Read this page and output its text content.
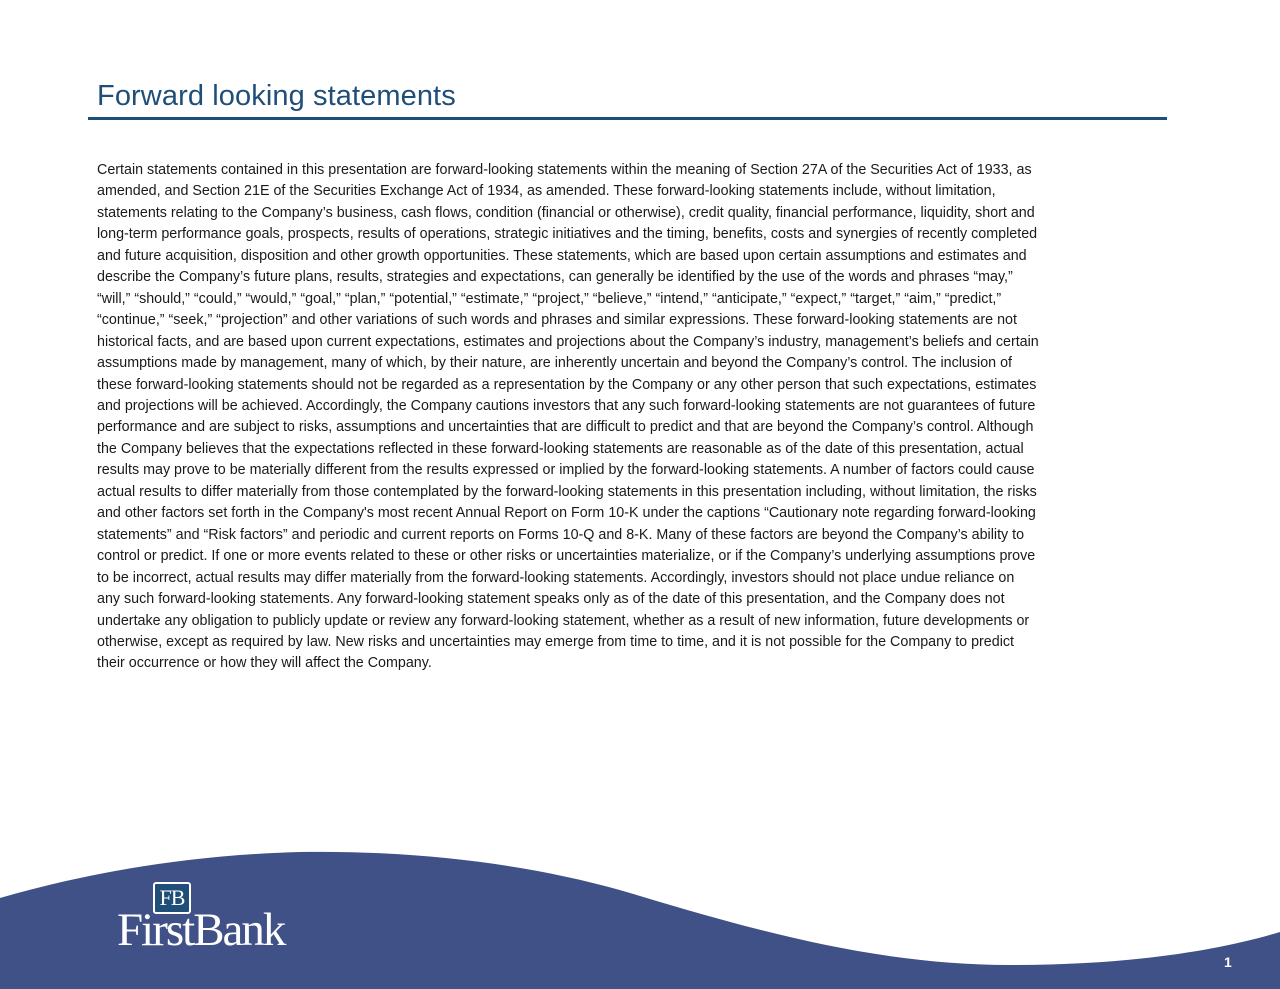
Forward looking statements
Certain statements contained in this presentation are forward-looking statements within the meaning of Section 27A of the Securities Act of 1933, as
amended, and Section 21E of the Securities Exchange Act of 1934, as amended. These forward-looking statements include, without limitation,
statements relating to the Company’s business, cash flows, condition (financial or otherwise), credit quality, financial performance, liquidity, short and
long-term performance goals, prospects, results of operations, strategic initiatives and the timing, benefits, costs and synergies of recently completed
and future acquisition, disposition and other growth opportunities. These statements, which are based upon certain assumptions and estimates and
describe the Company’s future plans, results, strategies and expectations, can generally be identified by the use of the words and phrases “may,”
“will,” “should,” “could,” “would,” “goal,” “plan,” “potential,” “estimate,” “project,” “believe,” “intend,” “anticipate,” “expect,” “target,” “aim,” “predict,”
“continue,” “seek,” “projection” and other variations of such words and phrases and similar expressions. These forward-looking statements are not
historical facts, and are based upon current expectations, estimates and projections about the Company’s industry, management’s beliefs and certain
assumptions made by management, many of which, by their nature, are inherently uncertain and beyond the Company’s control. The inclusion of
these forward-looking statements should not be regarded as a representation by the Company or any other person that such expectations, estimates
and projections will be achieved. Accordingly, the Company cautions investors that any such forward-looking statements are not guarantees of future
performance and are subject to risks, assumptions and uncertainties that are difficult to predict and that are beyond the Company’s control. Although
the Company believes that the expectations reflected in these forward-looking statements are reasonable as of the date of this presentation, actual
results may prove to be materially different from the results expressed or implied by the forward-looking statements. A number of factors could cause
actual results to differ materially from those contemplated by the forward-looking statements in this presentation including, without limitation, the risks
and other factors set forth in the Company's most recent Annual Report on Form 10-K under the captions “Cautionary note regarding forward-looking
statements” and “Risk factors” and periodic and current reports on Forms 10-Q and 8-K. Many of these factors are beyond the Company’s ability to
control or predict. If one or more events related to these or other risks or uncertainties materialize, or if the Company’s underlying assumptions prove
to be incorrect, actual results may differ materially from the forward-looking statements. Accordingly, investors should not place undue reliance on
any such forward-looking statements. Any forward-looking statement speaks only as of the date of this presentation, and the Company does not
undertake any obligation to publicly update or review any forward-looking statement, whether as a result of new information, future developments or
otherwise, except as required by law. New risks and uncertainties may emerge from time to time, and it is not possible for the Company to predict
their occurrence or how they will affect the Company.
FB
FirstBank
1
